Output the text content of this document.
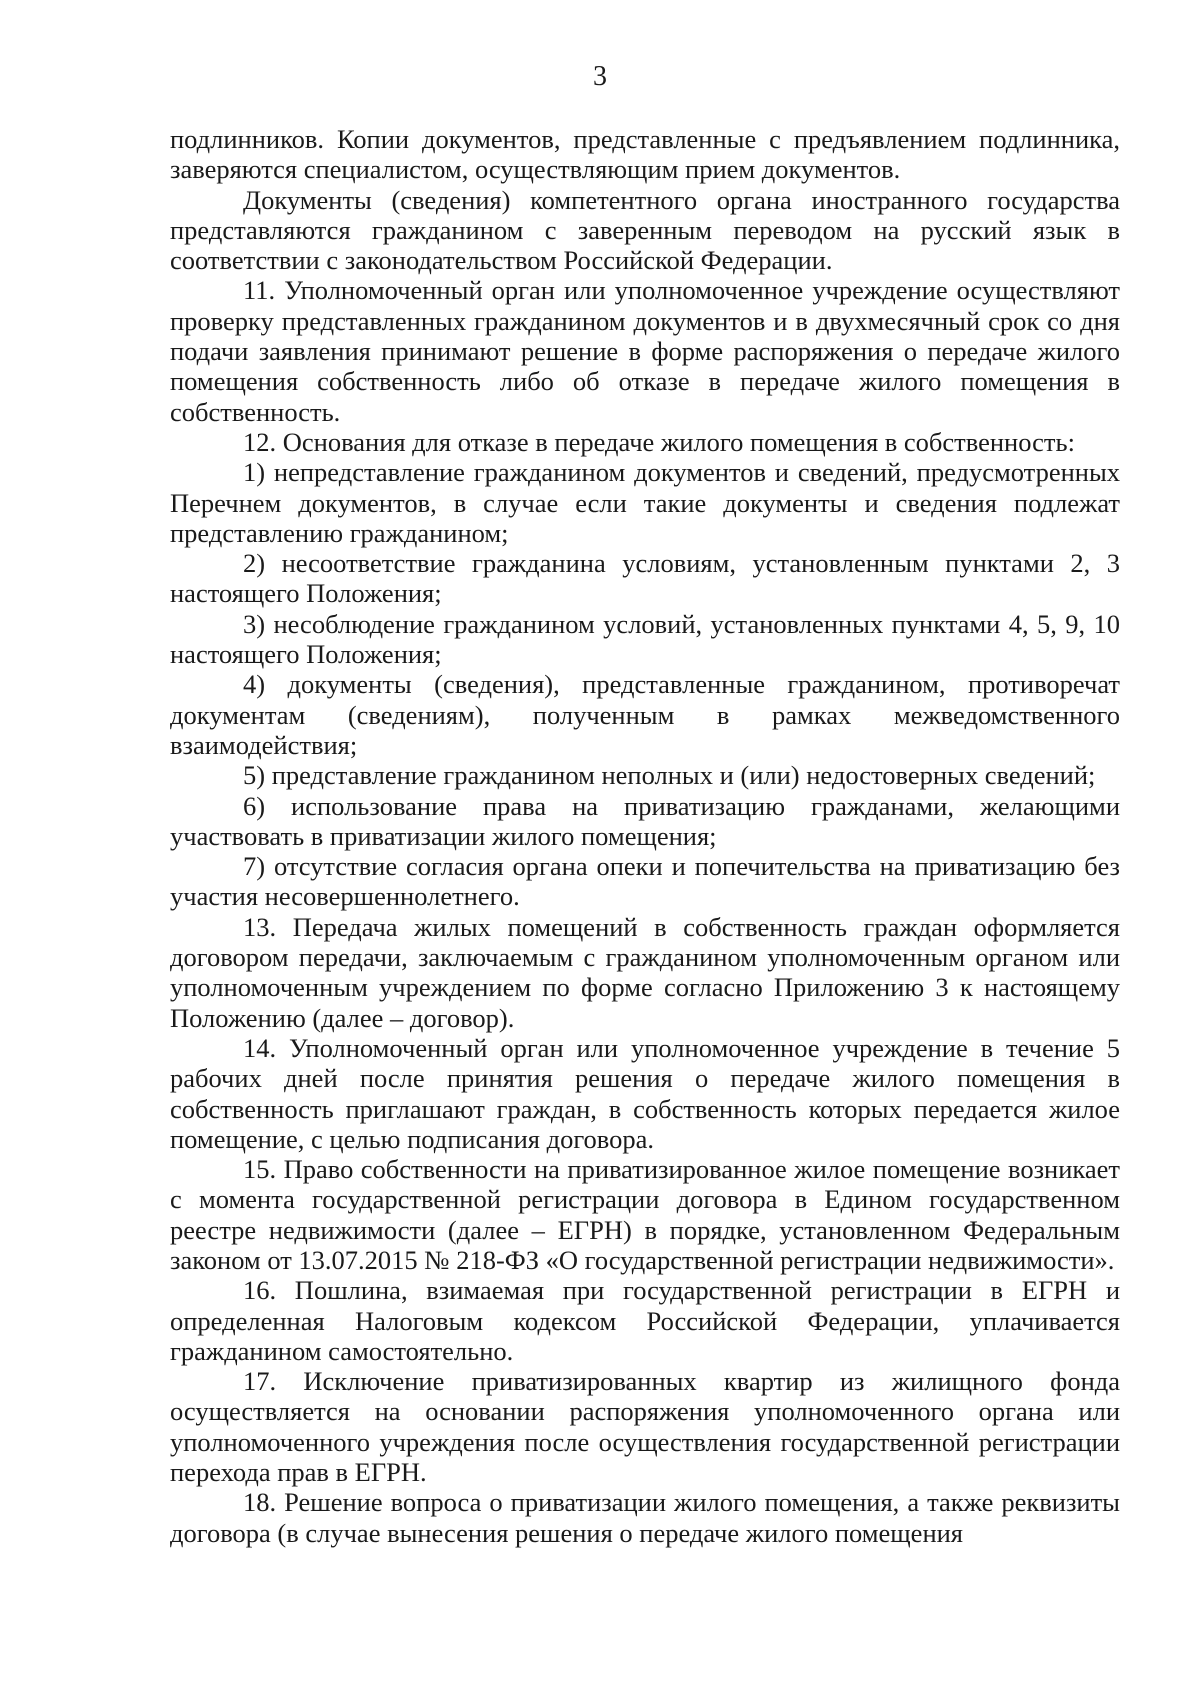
3

подлинников. Копии документов, представленные с предъявлением подлинника, заверяются специалистом, осуществляющим прием документов.

Документы (сведения) компетентного органа иностранного государства представляются гражданином с заверенным переводом на русский язык в соответствии с законодательством Российской Федерации.

11. Уполномоченный орган или уполномоченное учреждение осуществляют проверку представленных гражданином документов и в двухмесячный срок со дня подачи заявления принимают решение в форме распоряжения о передаче жилого помещения собственность либо об отказе в передаче жилого помещения в собственность.

12. Основания для отказе в передаче жилого помещения в собственность:

1) непредставление гражданином документов и сведений, предусмотренных Перечнем документов, в случае если такие документы и сведения подлежат представлению гражданином;

2) несоответствие гражданина условиям, установленным пунктами 2, 3 настоящего Положения;

3) несоблюдение гражданином условий, установленных пунктами 4, 5, 9, 10 настоящего Положения;

4) документы (сведения), представленные гражданином, противоречат документам (сведениям), полученным в рамках межведомственного взаимодействия;

5) представление гражданином неполных и (или) недостоверных сведений;

6) использование права на приватизацию гражданами, желающими участвовать в приватизации жилого помещения;

7) отсутствие согласия органа опеки и попечительства на приватизацию без участия несовершеннолетнего.

13. Передача жилых помещений в собственность граждан оформляется договором передачи, заключаемым с гражданином уполномоченным органом или уполномоченным учреждением по форме согласно Приложению 3 к настоящему Положению (далее – договор).

14. Уполномоченный орган или уполномоченное учреждение в течение 5 рабочих дней после принятия решения о передаче жилого помещения в собственность приглашают граждан, в собственность которых передается жилое помещение, с целью подписания договора.

15. Право собственности на приватизированное жилое помещение возникает с момента государственной регистрации договора в Едином государственном реестре недвижимости (далее – ЕГРН) в порядке, установленном Федеральным законом от 13.07.2015 № 218-ФЗ «О государственной регистрации недвижимости».

16. Пошлина, взимаемая при государственной регистрации в ЕГРН и определенная Налоговым кодексом Российской Федерации, уплачивается гражданином самостоятельно.

17. Исключение приватизированных квартир из жилищного фонда осуществляется на основании распоряжения уполномоченного органа или уполномоченного учреждения после осуществления государственной регистрации перехода прав в ЕГРН.

18. Решение вопроса о приватизации жилого помещения, а также реквизиты договора (в случае вынесения решения о передаче жилого помещения
